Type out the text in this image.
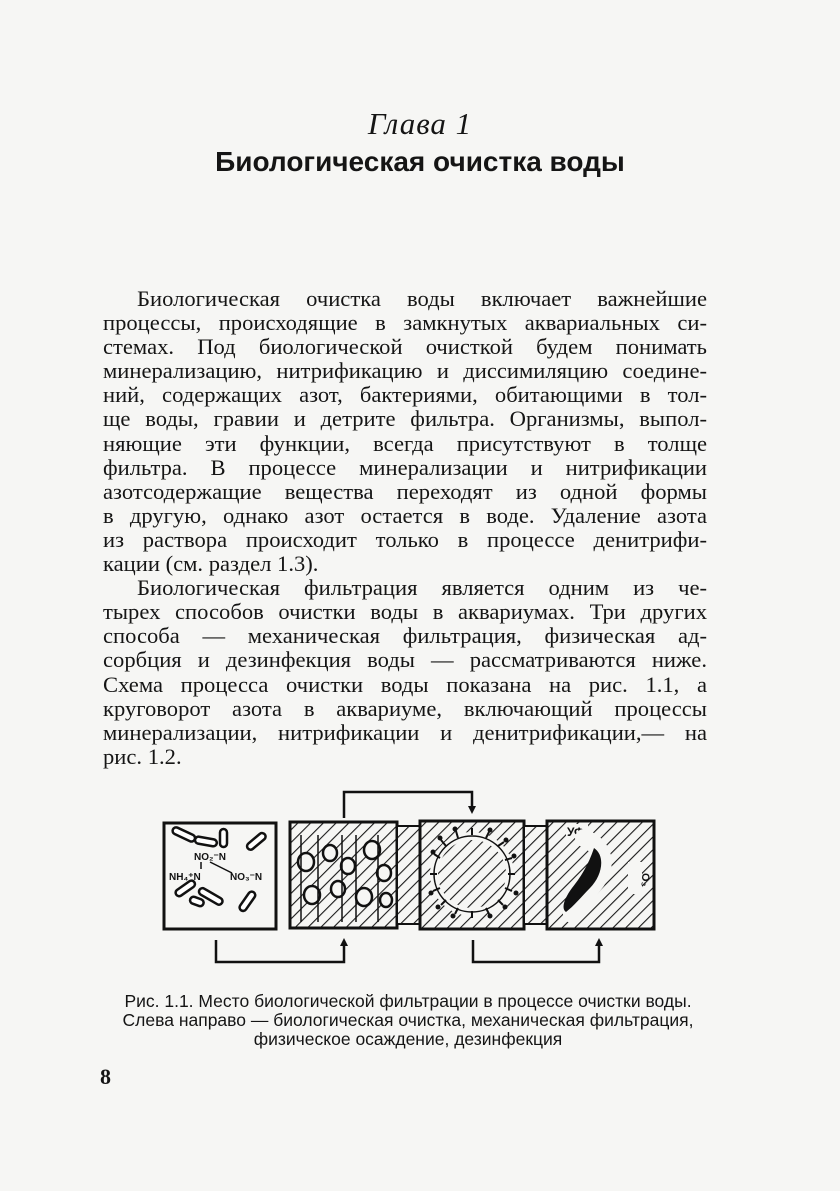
Глава 1
Биологическая очистка воды
Биологическая очистка воды включает важнейшие
процессы, происходящие в замкнутых аквариальных си-
стемах. Под биологической очисткой будем понимать
минерализацию, нитрификацию и диссимиляцию соедине-
ний, содержащих азот, бактериями, обитающими в тол-
ще воды, гравии и детрите фильтра. Организмы, выпол-
няющие эти функции, всегда присутствуют в толще
фильтра. В процессе минерализации и нитрификации
азотсодержащие вещества переходят из одной формы
в другую, однако азот остается в воде. Удаление азота
из раствора происходит только в процессе денитрифи-
кации (см. раздел 1.3).
Биологическая фильтрация является одним из че-
тырех способов очистки воды в аквариумах. Три других
способа — механическая фильтрация, физическая ад-
сорбция и дезинфекция воды — рассматриваются ниже.
Схема процесса очистки воды показана на рис. 1.1, а
круговорот азота в аквариуме, включающий процессы
минерализации, нитрификации и денитрификации,— на
рис. 1.2.
NO₂⁻N
NH₄⁺N	NO₃⁻N
УФ
O₃
Рис. 1.1. Место биологической фильтрации в процессе очистки воды.
Слева направо — биологическая очистка, механическая фильтрация,
физическое осаждение, дезинфекция
8
